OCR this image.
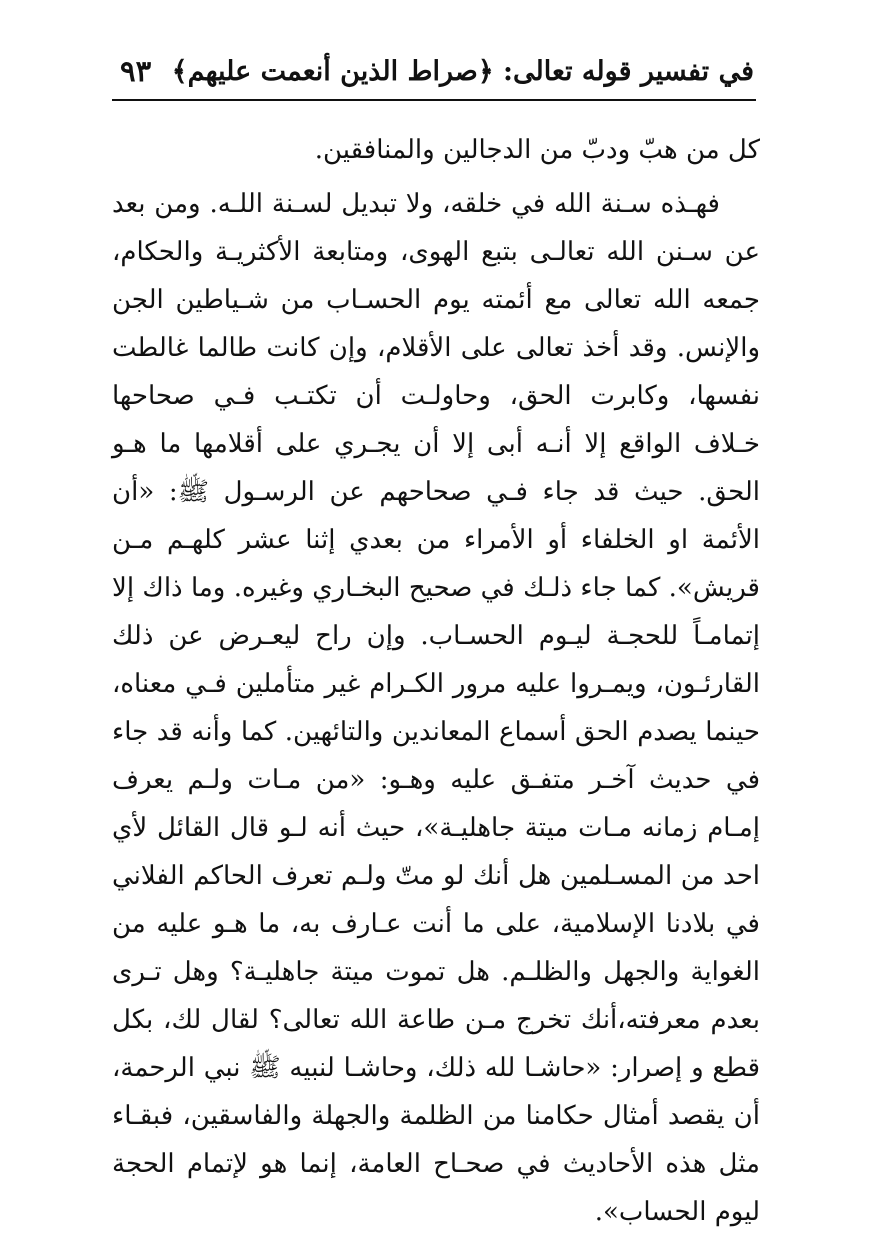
في تفسير قوله تعالى: ﴿صراط الذين أنعمت عليهم﴾
٩٣

كل من هبّ ودبّ من الدجالين والمنافقين.

فهـذه سـنة الله في خلقه، ولا تبديل لسـنة اللـه. ومن بعد عن سـنن الله تعالـى بتبع الهوى، ومتابعة الأكثريـة والحكام، جمعه الله تعالى مع أئمته يوم الحسـاب من شـياطين الجن والإنس. وقد أخذ تعالى على الأقلام، وإن كانت طالما غالطت نفسها، وكابرت الحق، وحاولـت أن تكتـب فـي صحاحها خـلاف الواقع إلا أنـه أبى إلا أن يجـري على أقلامها ما هـو الحق. حيث قد جاء فـي صحاحهم عن الرسـول ﷺ: «أن الأئمة او الخلفاء أو الأمراء من بعدي إثنا عشر كلهـم مـن قريش». كما جاء ذلـك في صحيح البخـاري وغيره. وما ذاك إلا إتمامـاً للحجـة ليـوم الحسـاب. وإن راح ليعـرض عن ذلك القارئـون، ويمـروا عليه مرور الكـرام غير متأملين فـي معناه، حينما يصدم الحق أسماع المعاندين والتائهين. كما وأنه قد جاء في حديث آخـر متفـق عليه وهـو: «من مـات ولـم يعرف إمـام زمانه مـات ميتة جاهليـة»، حيث أنه لـو قال القائل لأي احد من المسـلمين هل أنك لو متّ ولـم تعرف الحاكم الفلاني في بلادنا الإسلامية، على ما أنت عـارف به، ما هـو عليه من الغواية والجهل والظلـم. هل تموت ميتة جاهليـة؟ وهل تـرى بعدم معرفته،أنك تخرج مـن طاعة الله تعالى؟ لقال لك، بكل قطع و إصرار: «حاشـا لله ذلك، وحاشـا لنبيه ﷺ نبي الرحمة، أن يقصد أمثال حكامنا من الظلمة والجهلة والفاسقين، فبقـاء مثل هذه الأحاديث في صحـاح العامة، إنما هو لإتمام الحجة ليوم الحساب».
